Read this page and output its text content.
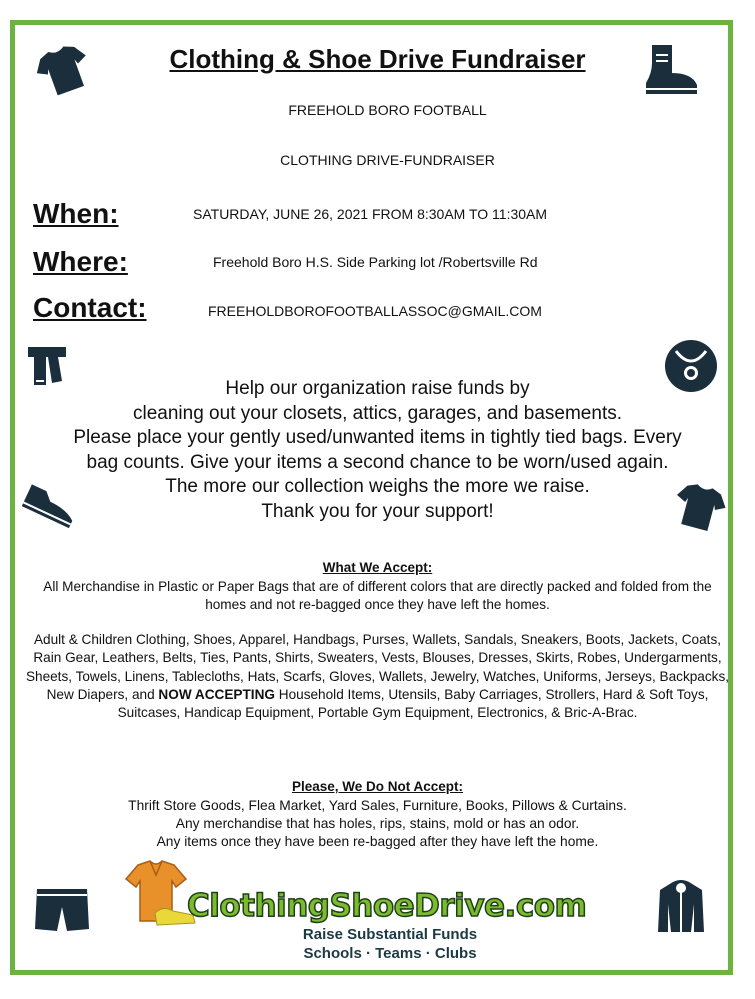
Clothing & Shoe Drive Fundraiser
FREEHOLD BORO FOOTBALL
CLOTHING DRIVE-FUNDRAISER
When:	SATURDAY, JUNE 26, 2021 FROM 8:30AM TO 11:30AM
Where:	Freehold Boro H.S. Side Parking lot /Robertsville Rd
Contact:	FREEHOLDBOROFOOTBALLASSOC@GMAIL.COM
Help our organization raise funds by
cleaning out your closets, attics, garages, and basements.
Please place your gently used/unwanted items in tightly tied bags. Every
bag counts. Give your items a second chance to be worn/used again.
The more our collection weighs the more we raise.
Thank you for your support!
What We Accept:
All Merchandise in Plastic or Paper Bags that are of different colors that are directly packed and folded from the homes and not re-bagged once they have left the homes.
Adult & Children Clothing, Shoes, Apparel, Handbags, Purses, Wallets, Sandals, Sneakers, Boots, Jackets, Coats, Rain Gear, Leathers, Belts, Ties, Pants, Shirts, Sweaters, Vests, Blouses, Dresses, Skirts, Robes, Undergarments, Sheets, Towels, Linens, Tablecloths, Hats, Scarfs, Gloves, Wallets, Jewelry, Watches, Uniforms, Jerseys, Backpacks, New Diapers, and NOW ACCEPTING Household Items, Utensils, Baby Carriages, Strollers, Hard & Soft Toys, Suitcases, Handicap Equipment, Portable Gym Equipment, Electronics, & Bric-A-Brac.
Please, We Do Not Accept:
Thrift Store Goods, Flea Market, Yard Sales, Furniture, Books, Pillows & Curtains.
Any merchandise that has holes, rips, stains, mold or has an odor.
Any items once they have been re-bagged after they have left the home.
ClothingShoeDrive.com
Raise Substantial Funds
Schools · Teams · Clubs
